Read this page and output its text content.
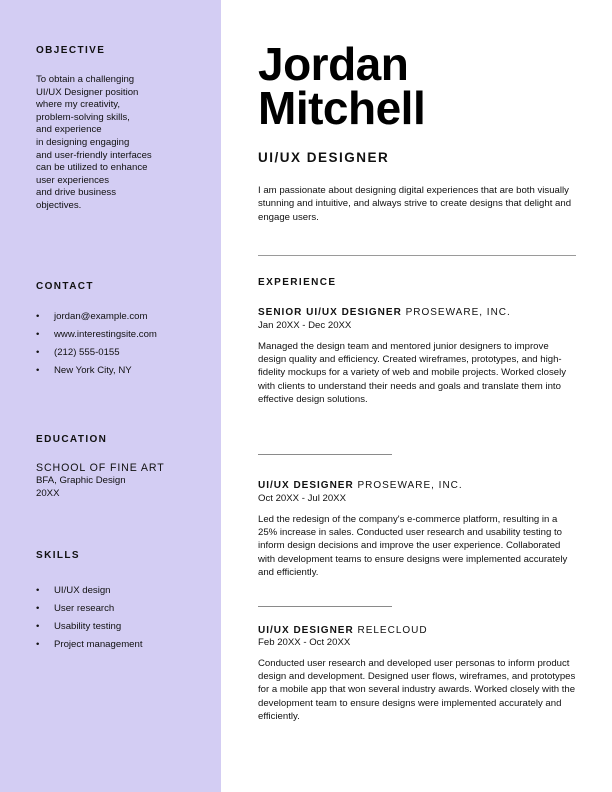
OBJECTIVE
To obtain a challenging
UI/UX Designer position
where my creativity,
problem-solving skills,
and experience
in designing engaging
and user-friendly interfaces
can be utilized to enhance
user experiences
and drive business
objectives.
CONTACT
• jordan@example.com
• www.interestingsite.com
• (212) 555-0155
• New York City, NY
EDUCATION
SCHOOL OF FINE ART
BFA, Graphic Design
20XX
SKILLS
• UI/UX design
• User research
• Usability testing
• Project management
Jordan
Mitchell
UI/UX DESIGNER
I am passionate about designing digital experiences that are both visually stunning and intuitive, and always strive to create designs that delight and engage users.
EXPERIENCE
SENIOR UI/UX DESIGNER PROSEWARE, INC.
Jan 20XX - Dec 20XX
Managed the design team and mentored junior designers to improve design quality and efficiency. Created wireframes, prototypes, and high-fidelity mockups for a variety of web and mobile projects. Worked closely with clients to understand their needs and goals and translate them into effective design solutions.
UI/UX DESIGNER PROSEWARE, INC.
Oct 20XX - Jul 20XX
Led the redesign of the company's e-commerce platform, resulting in a 25% increase in sales. Conducted user research and usability testing to inform design decisions and improve the user experience. Collaborated with development teams to ensure designs were implemented accurately and efficiently.
UI/UX DESIGNER RELECLOUD
Feb 20XX - Oct 20XX
Conducted user research and developed user personas to inform product design and development. Designed user flows, wireframes, and prototypes for a mobile app that won several industry awards. Worked closely with the development team to ensure designs were implemented accurately and efficiently.
